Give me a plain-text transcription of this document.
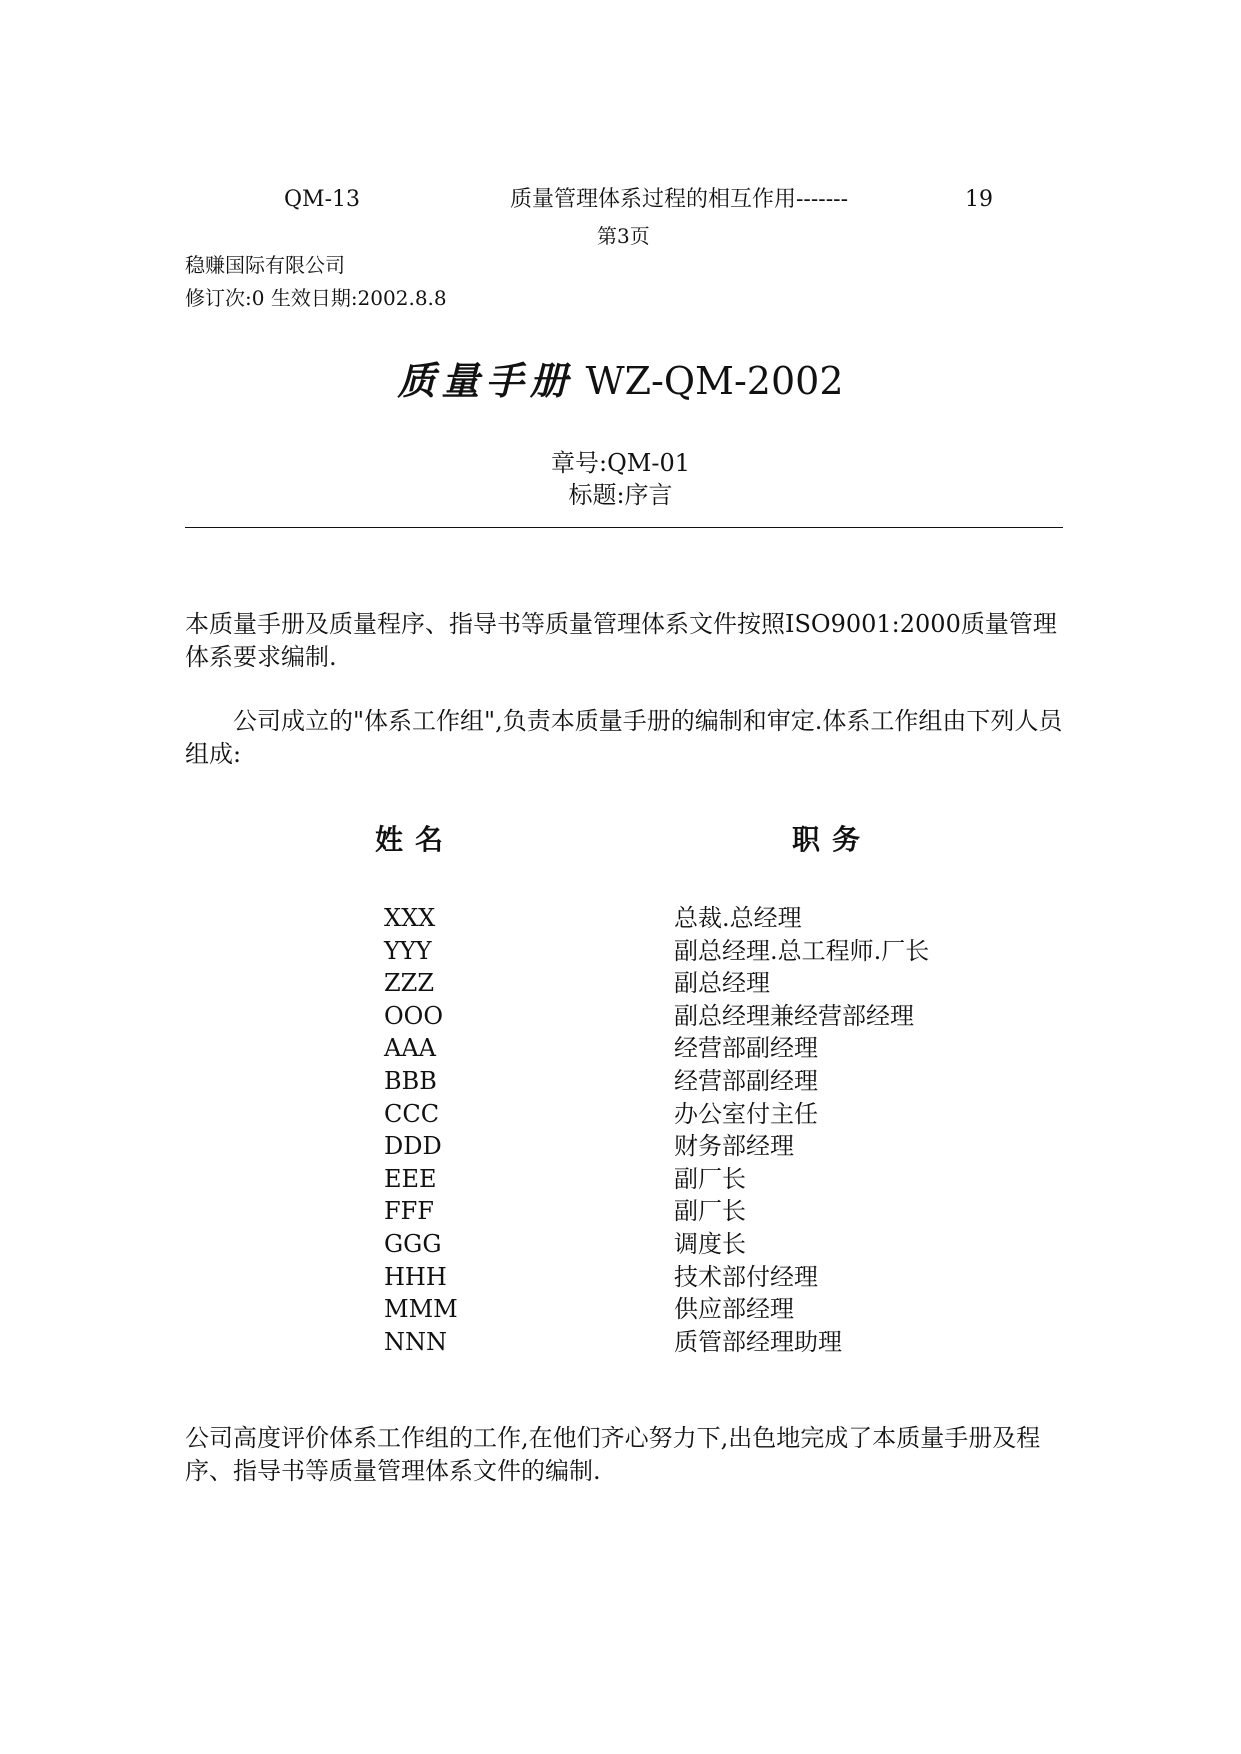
QM-13	质量管理体系过程的相互作用-------	19
第3页
稳赚国际有限公司
修订次:0 生效日期:2002.8.8
质量手册 WZ-QM-2002
章号:QM-01
标题:序言
本质量手册及质量程序、指导书等质量管理体系文件按照ISO9001:2000质量管理体系要求编制.
公司成立的"体系工作组",负责本质量手册的编制和审定.体系工作组由下列人员组成:
姓名	职务
XXX	总裁.总经理
YYY	副总经理.总工程师.厂长
ZZZ	副总经理
OOO	副总经理兼经营部经理
AAA	经营部副经理
BBB	经营部副经理
CCC	办公室付主任
DDD	财务部经理
EEE	副厂长
FFF	副厂长
GGG	调度长
HHH	技术部付经理
MMM	供应部经理
NNN	质管部经理助理
公司高度评价体系工作组的工作,在他们齐心努力下,出色地完成了本质量手册及程序、指导书等质量管理体系文件的编制.
